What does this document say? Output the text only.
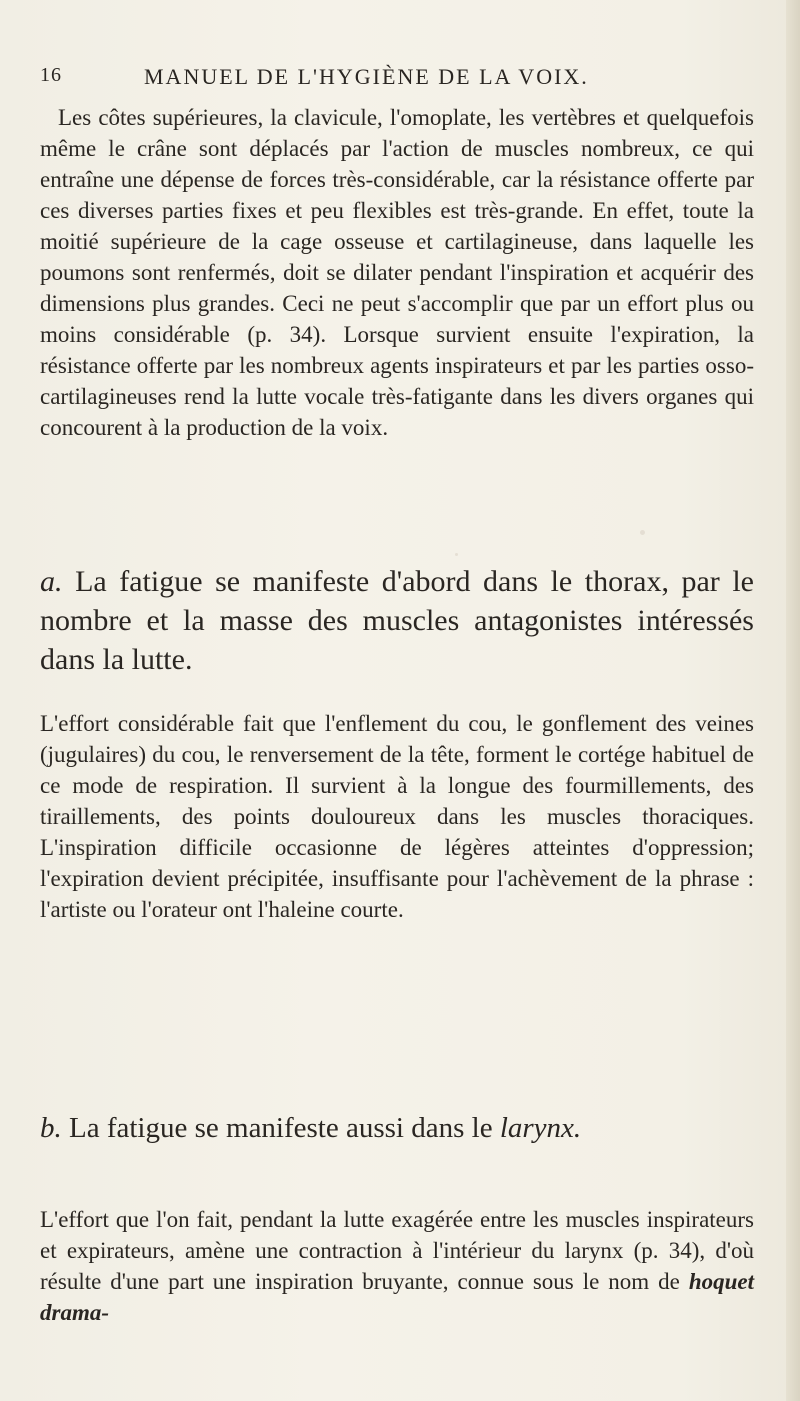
16	MANUEL DE L'HYGIÈNE DE LA VOIX.

Les côtes supérieures, la clavicule, l'omoplate, les vertèbres et quelquefois même le crâne sont déplacés par l'action de muscles nombreux, ce qui entraîne une dépense de forces très-considérable, car la résistance offerte par ces diverses parties fixes et peu flexibles est très-grande. En effet, toute la moitié supérieure de la cage osseuse et cartilagineuse, dans laquelle les poumons sont renfermés, doit se dilater pendant l'inspiration et acquérir des dimensions plus grandes. Ceci ne peut s'accomplir que par un effort plus ou moins considérable (p. 34). Lorsque survient ensuite l'expiration, la résistance offerte par les nombreux agents inspirateurs et par les parties osso-cartilagineuses rend la lutte vocale très-fatigante dans les divers organes qui concourent à la production de la voix.

a. La fatigue se manifeste d'abord dans le thorax, par le nombre et la masse des muscles antagonistes intéressés dans la lutte.

L'effort considérable fait que l'enflement du cou, le gonflement des veines (jugulaires) du cou, le renversement de la tête, forment le cortége habituel de ce mode de respiration. Il survient à la longue des fourmillements, des tiraillements, des points douloureux dans les muscles thoraciques. L'inspiration difficile occasionne de légères atteintes d'oppression; l'expiration devient précipitée, insuffisante pour l'achèvement de la phrase : l'artiste ou l'orateur ont l'haleine courte.

b. La fatigue se manifeste aussi dans le larynx.

L'effort que l'on fait, pendant la lutte exagérée entre les muscles inspirateurs et expirateurs, amène une contraction à l'intérieur du larynx (p. 34), d'où résulte d'une part une inspiration bruyante, connue sous le nom de hoquet drama-
